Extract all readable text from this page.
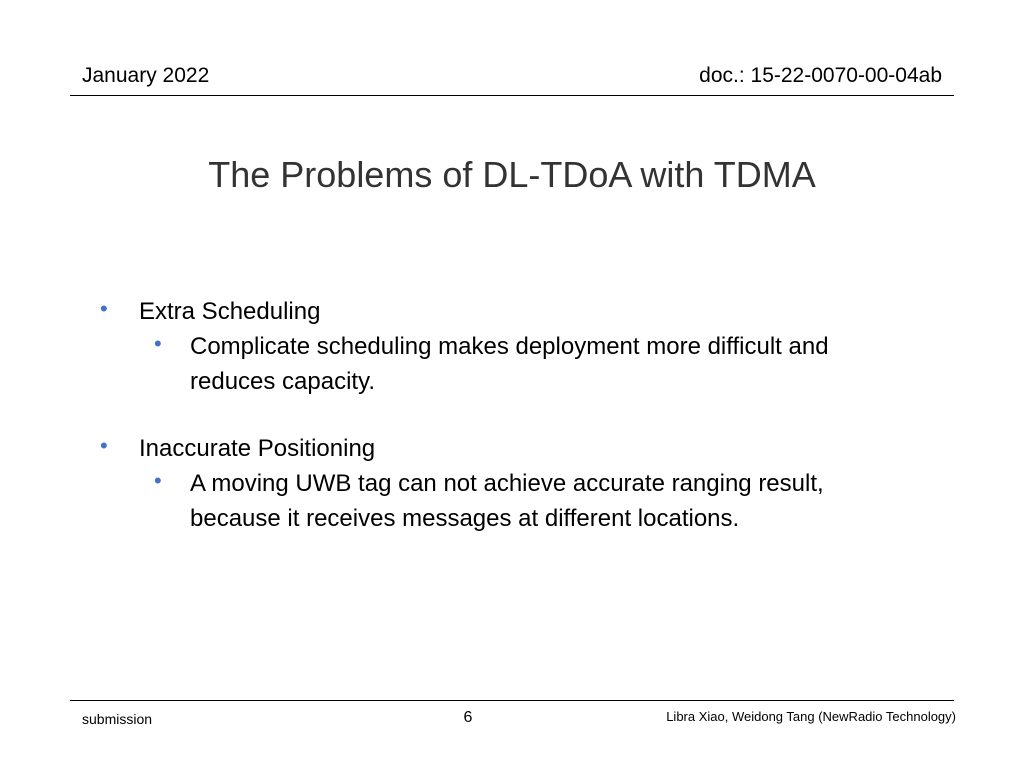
January 2022	doc.: 15-22-0070-00-04ab
The Problems of DL-TDoA with TDMA
• Extra Scheduling
• Complicate scheduling makes deployment more difficult and reduces capacity.
• Inaccurate Positioning
• A moving UWB tag can not achieve accurate ranging result, because it receives messages at different locations.
submission	6	Libra Xiao, Weidong Tang (NewRadio Technology)
